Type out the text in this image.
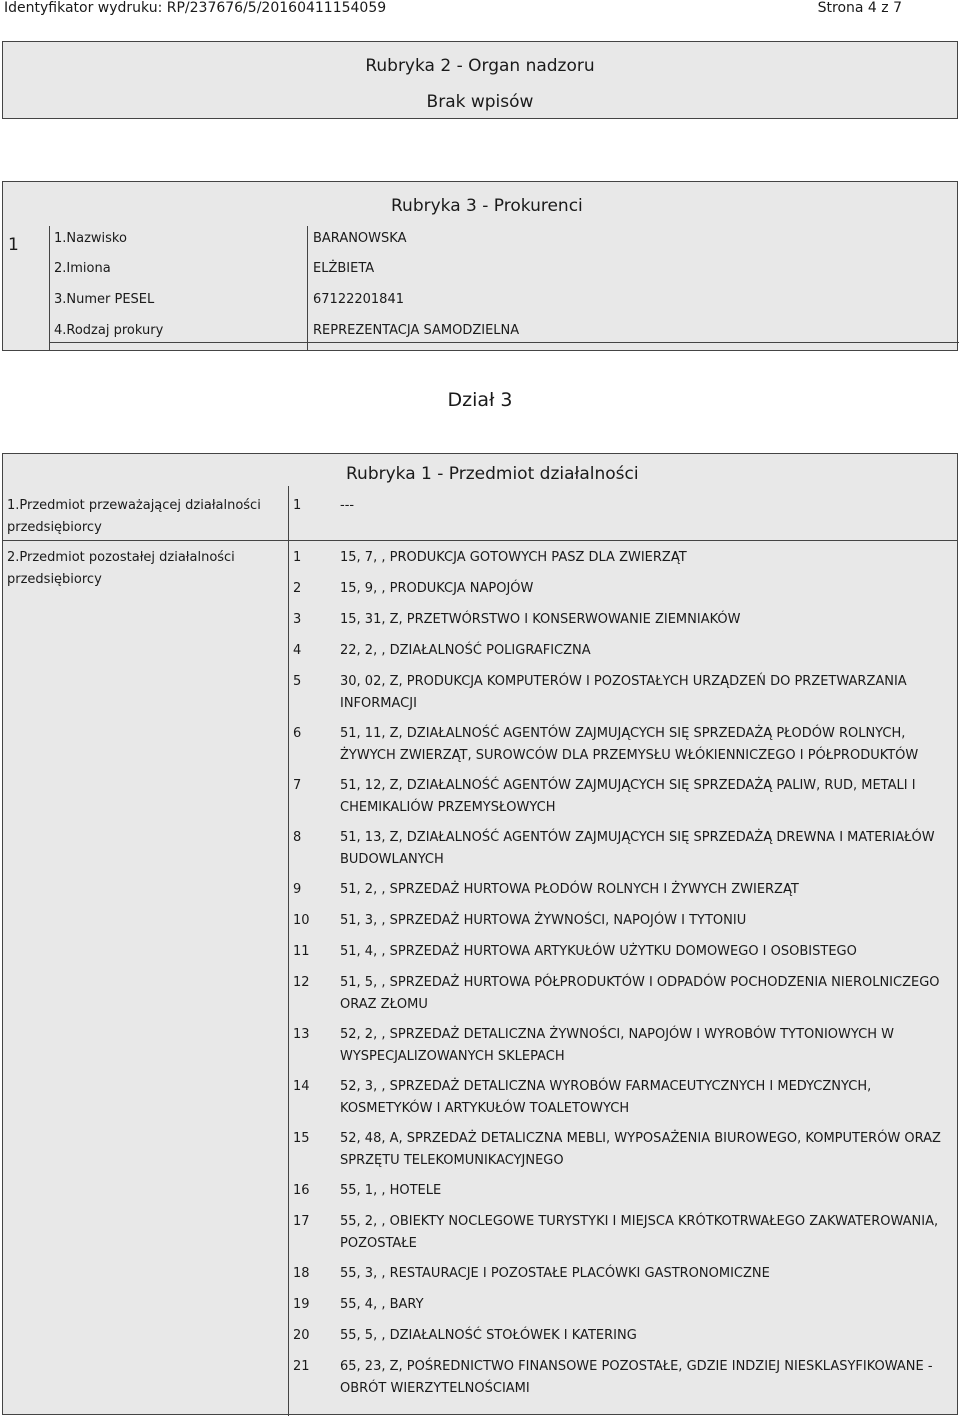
Identyfikator wydruku: RP/237676/5/20160411154059	Strona 4 z 7
Rubryka 2 - Organ nadzoru
Brak wpisów
Rubryka 3 - Prokurenci
1	1.Nazwisko	BARANOWSKA
2.Imiona	ELŻBIETA
3.Numer PESEL	67122201841
4.Rodzaj prokury	REPREZENTACJA SAMODZIELNA
Dział 3
Rubryka 1 - Przedmiot działalności
1.Przedmiot przeważającej działalności
przedsiębiorcy
1	---
2.Przedmiot pozostałej działalności
przedsiębiorcy
1	15, 7, , PRODUKCJA GOTOWYCH PASZ DLA ZWIERZĄT
2	15, 9, , PRODUKCJA NAPOJÓW
3	15, 31, Z, PRZETWÓRSTWO I KONSERWOWANIE ZIEMNIAKÓW
4	22, 2, , DZIAŁALNOŚĆ POLIGRAFICZNA
5	30, 02, Z, PRODUKCJA KOMPUTERÓW I POZOSTAŁYCH URZĄDZEŃ DO PRZETWARZANIA
INFORMACJI
6	51, 11, Z, DZIAŁALNOŚĆ AGENTÓW ZAJMUJĄCYCH SIĘ SPRZEDAŻĄ PŁODÓW ROLNYCH,
ŻYWYCH ZWIERZĄT, SUROWCÓW DLA PRZEMYSŁU WŁÓKIENNICZEGO I PÓŁPRODUKTÓW
7	51, 12, Z, DZIAŁALNOŚĆ AGENTÓW ZAJMUJĄCYCH SIĘ SPRZEDAŻĄ PALIW, RUD, METALI I
CHEMIKALIÓW PRZEMYSŁOWYCH
8	51, 13, Z, DZIAŁALNOŚĆ AGENTÓW ZAJMUJĄCYCH SIĘ SPRZEDAŻĄ DREWNA I MATERIAŁÓW
BUDOWLANYCH
9	51, 2, , SPRZEDAŻ HURTOWA PŁODÓW ROLNYCH I ŻYWYCH ZWIERZĄT
10 51, 3, , SPRZEDAŻ HURTOWA ŻYWNOŚCI, NAPOJÓW I TYTONIU
11 51, 4, , SPRZEDAŻ HURTOWA ARTYKUŁÓW UŻYTKU DOMOWEGO I OSOBISTEGO
12 51, 5, , SPRZEDAŻ HURTOWA PÓŁPRODUKTÓW I ODPADÓW POCHODZENIA NIEROLNICZEGO
ORAZ ZŁOMU
13 52, 2, , SPRZEDAŻ DETALICZNA ŻYWNOŚCI, NAPOJÓW I WYROBÓW TYTONIOWYCH W
WYSPECJALIZOWANYCH SKLEPACH
14 52, 3, , SPRZEDAŻ DETALICZNA WYROBÓW FARMACEUTYCZNYCH I MEDYCZNYCH,
KOSMETYKÓW I ARTYKUŁÓW TOALETOWYCH
15 52, 48, A, SPRZEDAŻ DETALICZNA MEBLI, WYPOSAŻENIA BIUROWEGO, KOMPUTERÓW ORAZ
SPRZĘTU TELEKOMUNIKACYJNEGO
16 55, 1, , HOTELE
17 55, 2, , OBIEKTY NOCLEGOWE TURYSTYKI I MIEJSCA KRÓTKOTRWAŁEGO ZAKWATEROWANIA,
POZOSTAŁE
18 55, 3, , RESTAURACJE I POZOSTAŁE PLACÓWKI GASTRONOMICZNE
19 55, 4, , BARY
20 55, 5, , DZIAŁALNOŚĆ STOŁÓWEK I KATERING
21 65, 23, Z, POŚREDNICTWO FINANSOWE POZOSTAŁE, GDZIE INDZIEJ NIESKLASYFIKOWANE -
OBRÓT WIERZYTELNOŚCIAMI
